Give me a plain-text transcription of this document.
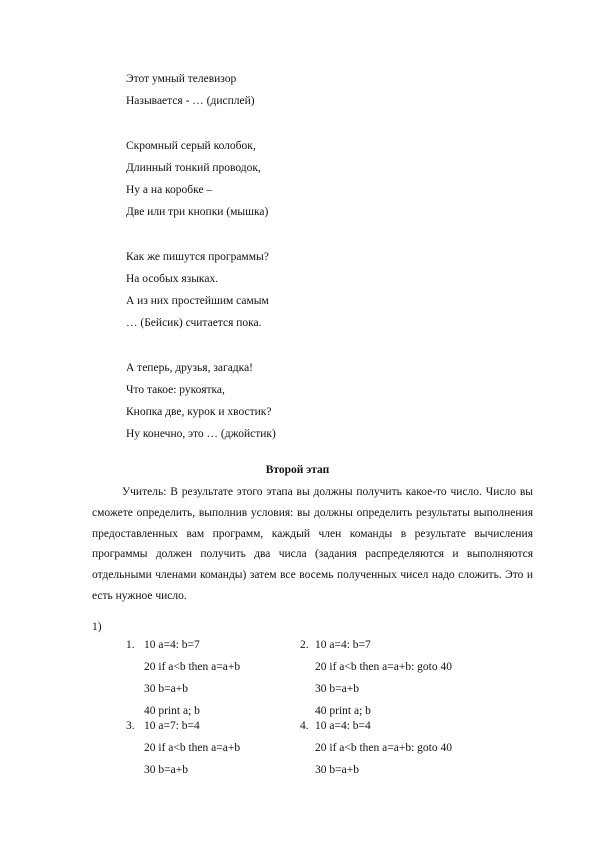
Этот умный телевизор
Называется - … (дисплей)
Скромный серый колобок,
Длинный тонкий проводок,
Ну а на коробке –
Две или три кнопки (мышка)
Как же пишутся программы?
На особых языках.
А из них простейшим самым
… (Бейсик) считается пока.
А теперь, друзья, загадка!
Что такое: рукоятка,
Кнопка две, курок и хвостик?
Ну конечно, это … (джойстик)
Второй этап

Учитель: В результате этого этапа вы должны получить какое-то число. Число вы сможете определить, выполнив условия: вы должны определить результаты выполнения предоставленных вам программ, каждый член команды в результате вычисления программы должен получить два числа (задания распределяются и выполняются отдельными членами команды) затем все восемь полученных чисел надо сложить. Это и есть нужное число.

1)
1. 10 a=4: b=7
20 if a<b then a=a+b
30 b=a+b
40 print a; b
2. 10 a=4: b=7
20 if a<b then a=a+b: goto 40
30 b=a+b
40 print a; b
3. 10 a=7: b=4
20 if a<b then a=a+b
30 b=a+b
4. 10 a=4: b=4
20 if a<b then a=a+b: goto 40
30 b=a+b
